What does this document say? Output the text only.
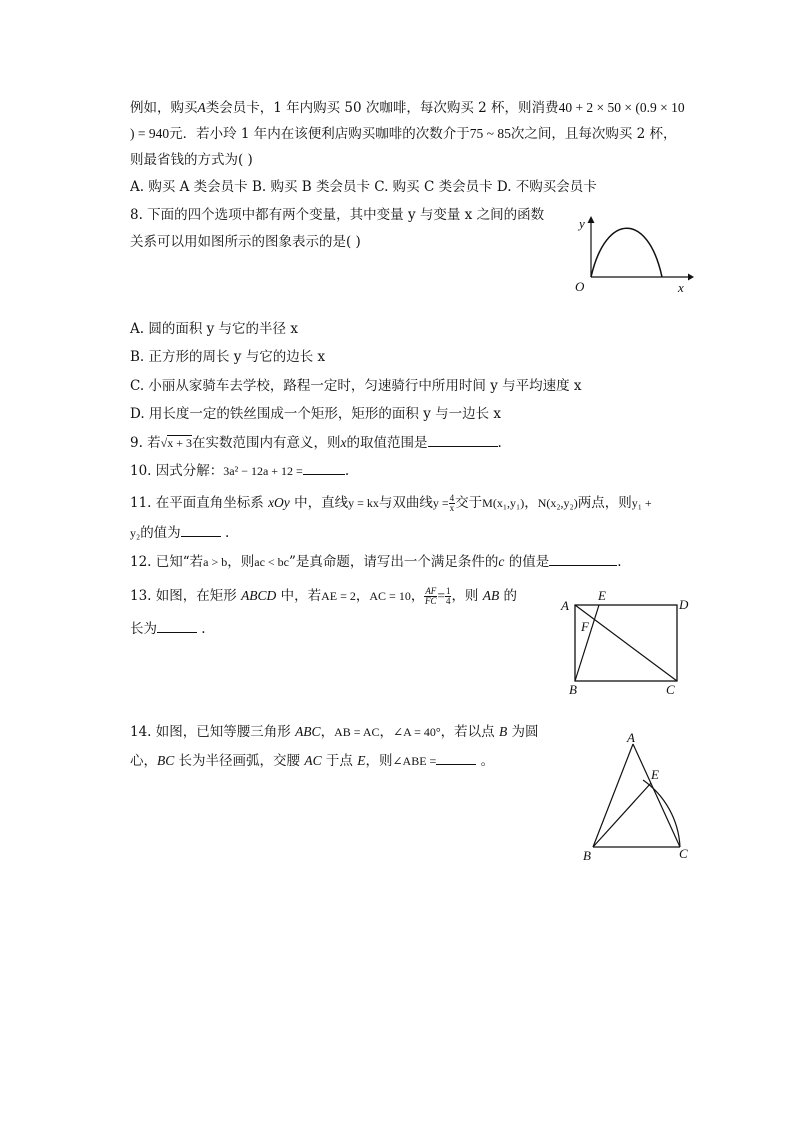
例如，购买A类会员卡，1 年内购买 50 次咖啡，每次购买 2 杯，则消费40 + 2 × 50 × (0.9 × 10
) = 940元．若小玲 1 年内在该便利店购买咖啡的次数介于75 ~ 85次之间，且每次购买 2 杯，
则最省钱的方式为( )
A. 购买 A 类会员卡 B. 购买 B 类会员卡 C. 购买 C 类会员卡 D. 不购买会员卡
8. 下面的四个选项中都有两个变量，其中变量 y 与变量 x 之间的函数
关系可以用如图所示的图象表示的是( )
y
O	x
A. 圆的面积 y 与它的半径 x
B. 正方形的周长 y 与它的边长 x
C. 小丽从家骑车去学校，路程一定时，匀速骑行中所用时间 y 与平均速度 x
D. 用长度一定的铁丝围成一个矩形，矩形的面积 y 与一边长 x
9. 若√x + 3在实数范围内有意义，则x的取值范围是	.
10. 因式分解：3a² − 12a + 12 =	.
11. 在平面直角坐标系 xOy 中，直线y = kx与双曲线$y = \frac{4}{x}$ 交于M(x₁,y₁)，N(x₂,y₂)两点，则y₁ +
y₂的值为	.
12. 已知“若a > b，则ac < bc”是真命题，请写出一个满足条件的c 的值是	.
13. 如图，在矩形 ABCD 中，若AE = 2，AC = 10， $\frac{AF}{FC} = \frac{1}{4}$ ，则 AB 的
长为	.
A
E
D
F
B	C
14. 如图，已知等腰三角形 ABC，AB = AC，∠A = 40°，若以点 B 为圆
心，BC 长为半径画弧，交腰 AC 于点 E，则∠ABE =	。
A
E
B	C
